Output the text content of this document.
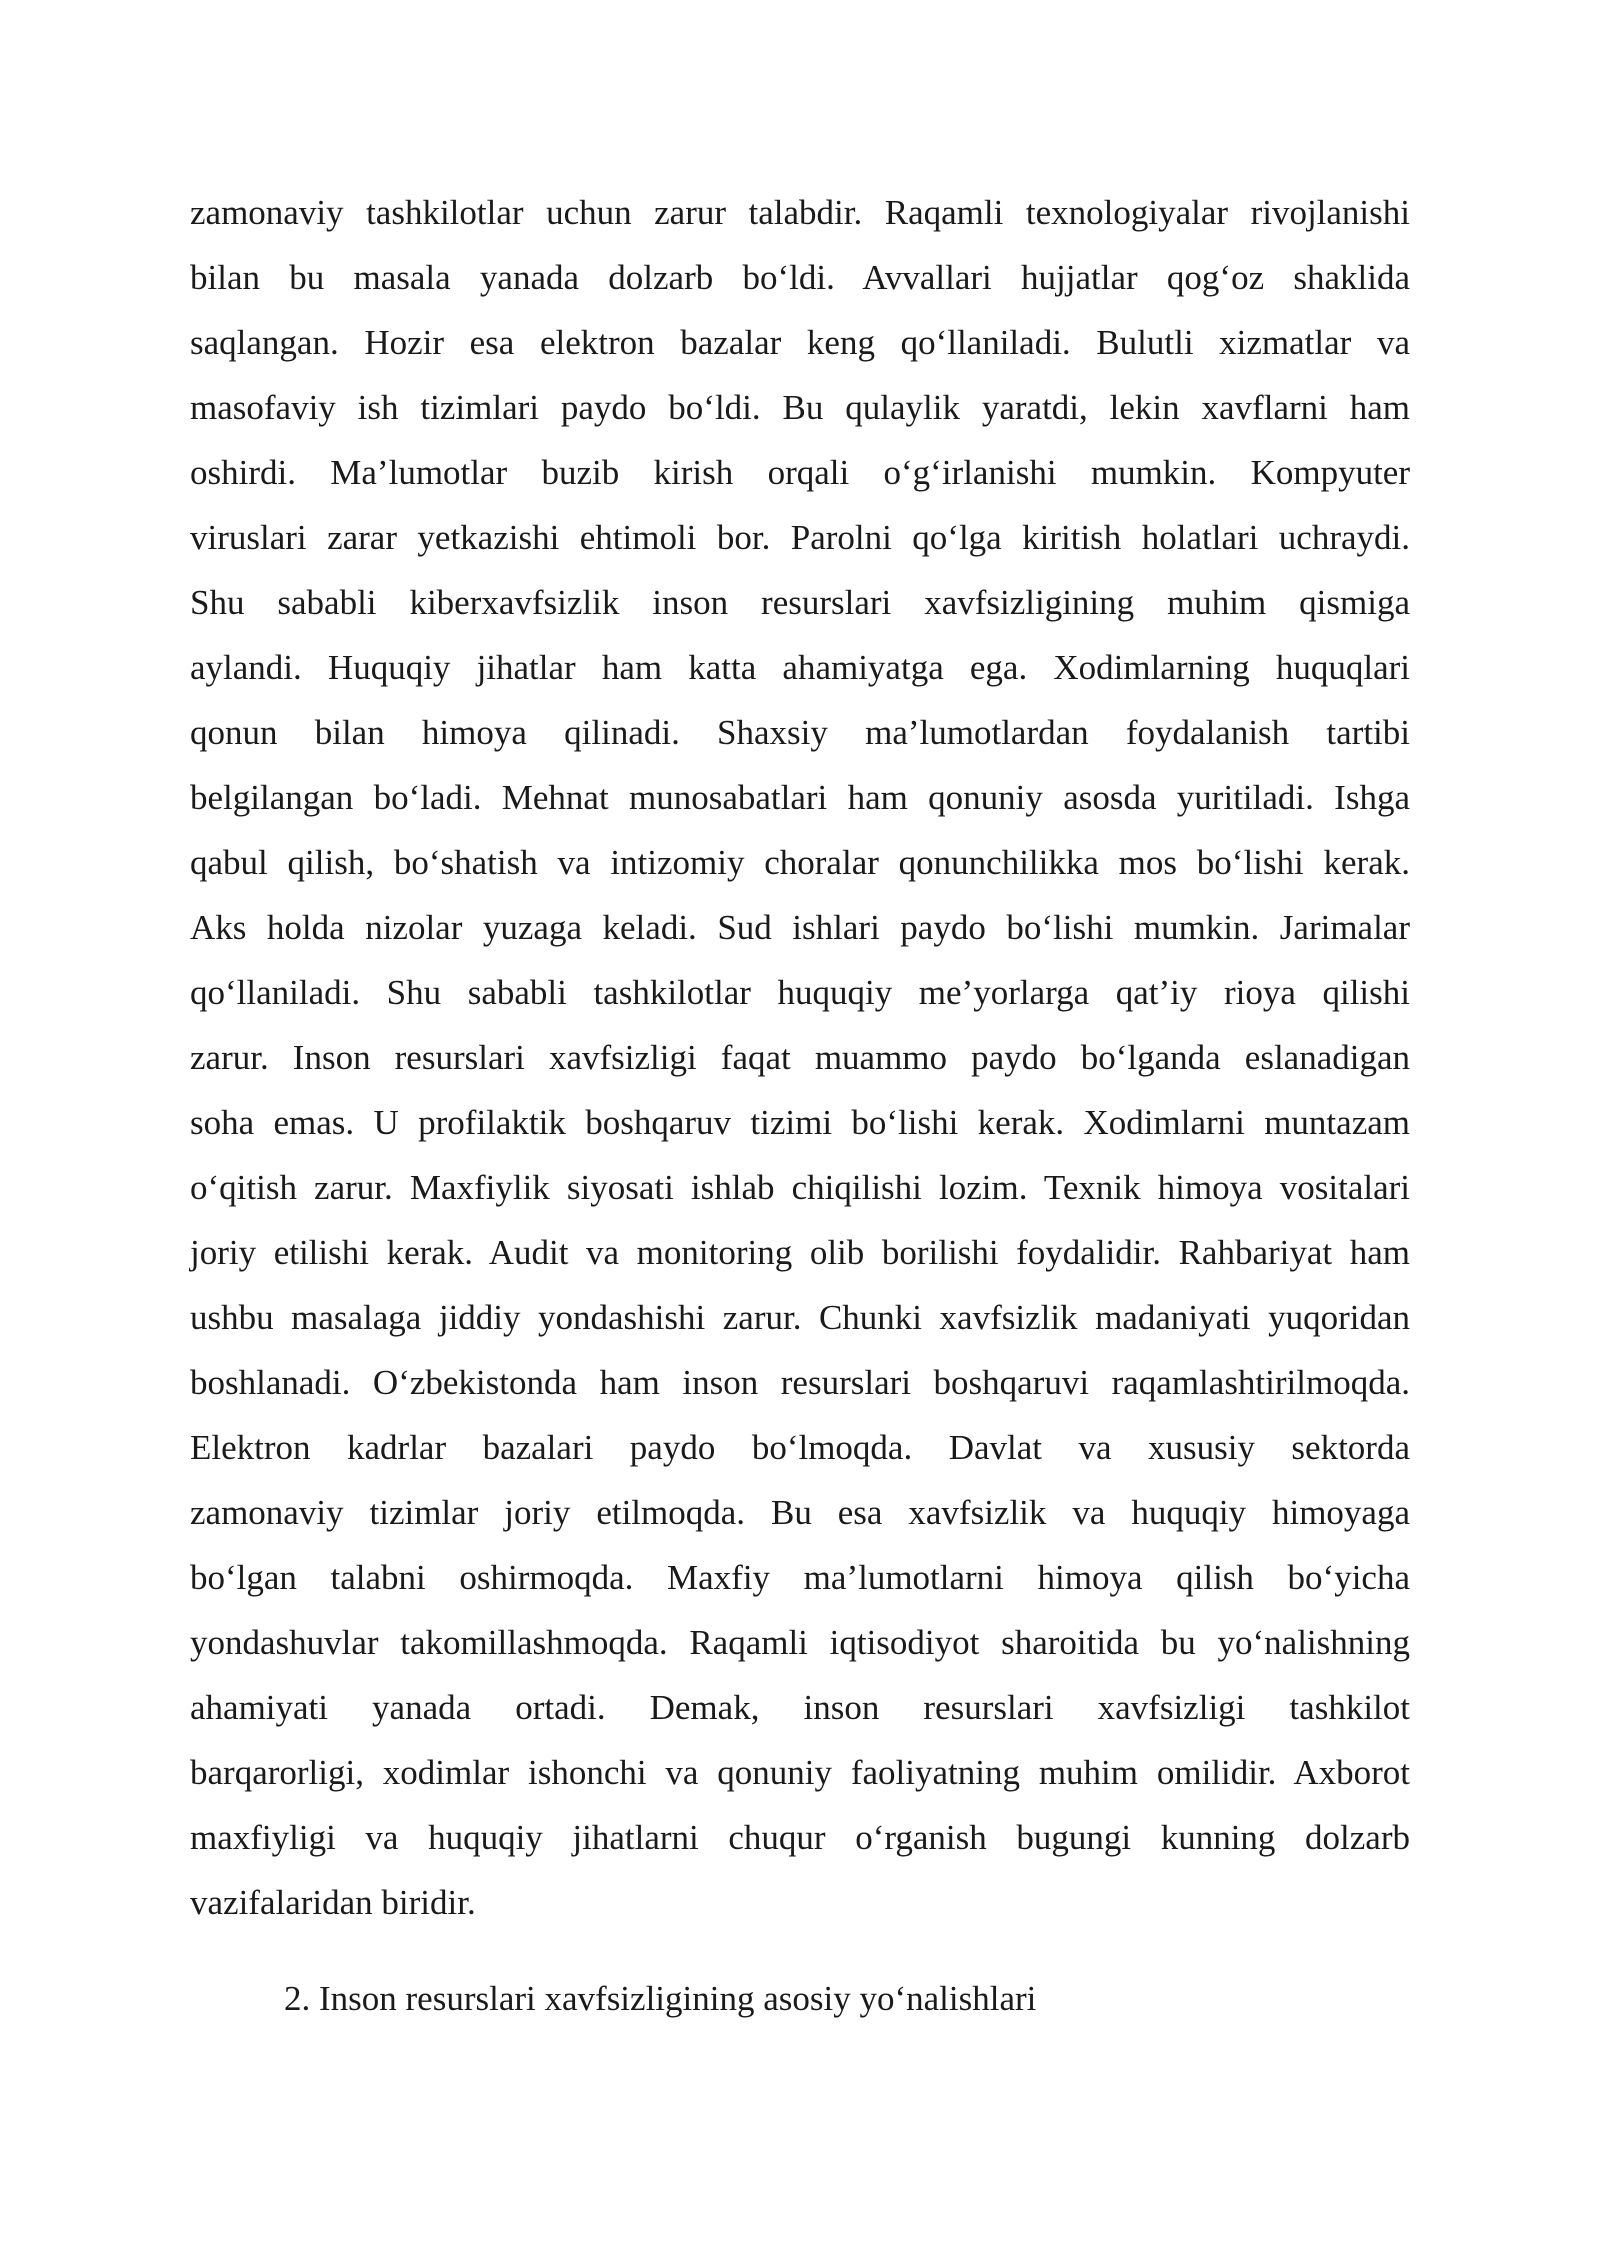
zamonaviy tashkilotlar uchun zarur talabdir. Raqamli texnologiyalar rivojlanishi
bilan bu masala yanada dolzarb bo‘ldi. Avvallari hujjatlar qog‘oz shaklida
saqlangan. Hozir esa elektron bazalar keng qo‘llaniladi. Bulutli xizmatlar va
masofaviy ish tizimlari paydo bo‘ldi. Bu qulaylik yaratdi, lekin xavflarni ham
oshirdi. Ma’lumotlar buzib kirish orqali o‘g‘irlanishi mumkin. Kompyuter
viruslari zarar yetkazishi ehtimoli bor. Parolni qo‘lga kiritish holatlari uchraydi.
Shu sababli kiberxavfsizlik inson resurslari xavfsizligining muhim qismiga
aylandi. Huquqiy jihatlar ham katta ahamiyatga ega. Xodimlarning huquqlari
qonun bilan himoya qilinadi. Shaxsiy ma’lumotlardan foydalanish tartibi
belgilangan bo‘ladi. Mehnat munosabatlari ham qonuniy asosda yuritiladi. Ishga
qabul qilish, bo‘shatish va intizomiy choralar qonunchilikka mos bo‘lishi kerak.
Aks holda nizolar yuzaga keladi. Sud ishlari paydo bo‘lishi mumkin. Jarimalar
qo‘llaniladi. Shu sababli tashkilotlar huquqiy me’yorlarga qat’iy rioya qilishi
zarur. Inson resurslari xavfsizligi faqat muammo paydo bo‘lganda eslanadigan
soha emas. U profilaktik boshqaruv tizimi bo‘lishi kerak. Xodimlarni muntazam
o‘qitish zarur. Maxfiylik siyosati ishlab chiqilishi lozim. Texnik himoya vositalari
joriy etilishi kerak. Audit va monitoring olib borilishi foydalidir. Rahbariyat ham
ushbu masalaga jiddiy yondashishi zarur. Chunki xavfsizlik madaniyati yuqoridan
boshlanadi. O‘zbekistonda ham inson resurslari boshqaruvi raqamlashtirilmoqda.
Elektron kadrlar bazalari paydo bo‘lmoqda. Davlat va xususiy sektorda
zamonaviy tizimlar joriy etilmoqda. Bu esa xavfsizlik va huquqiy himoyaga
bo‘lgan talabni oshirmoqda. Maxfiy ma’lumotlarni himoya qilish bo‘yicha
yondashuvlar takomillashmoqda. Raqamli iqtisodiyot sharoitida bu yo‘nalishning
ahamiyati yanada ortadi. Demak, inson resurslari xavfsizligi tashkilot
barqarorligi, xodimlar ishonchi va qonuniy faoliyatning muhim omilidir. Axborot
maxfiyligi va huquqiy jihatlarni chuqur o‘rganish bugungi kunning dolzarb
vazifalaridan biridir.
2. Inson resurslari xavfsizligining asosiy yo‘nalishlari
